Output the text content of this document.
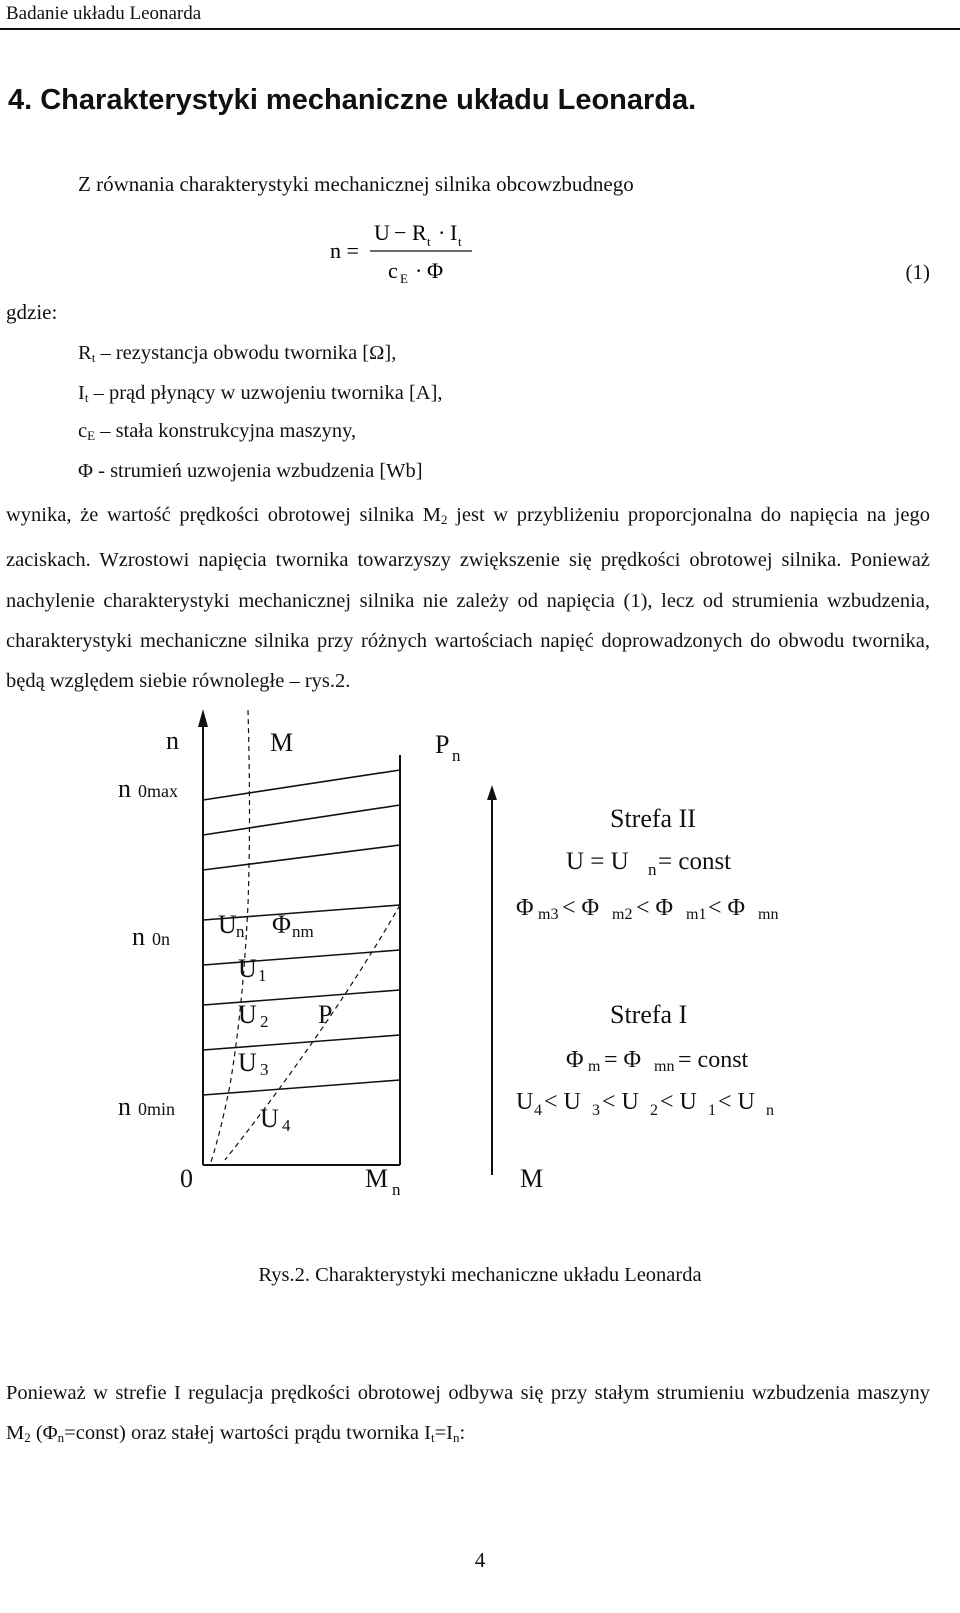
Badanie układu Leonarda
4. Charakterystyki mechaniczne układu Leonarda.
Z równania charakterystyki mechanicznej silnika obcowzbudnego
n =
U − R t · I t
c E · Φ	(1)
gdzie:
$R_t$ – rezystancja obwodu twornika [Ω],
$I_t$ – prąd płynący w uzwojeniu twornika [A],
$c_E$ – stała konstrukcyjna maszyny,
Φ - strumień uzwojenia wzbudzenia [Wb]
wynika, że wartość prędkości obrotowej silnika $M_2$ jest w przybliżeniu proporcjonalna do napięcia na jego zaciskach. Wzrostowi napięcia twornika towarzyszy zwiększenie się prędkości obrotowej silnika. Ponieważ nachylenie charakterystyki mechanicznej silnika nie zależy od napięcia (1), lecz od strumienia wzbudzenia, charakterystyki mechaniczne silnika przy różnych wartościach napięć doprowadzonych do obwodu twornika, będą względem siebie równoległe – rys.2.
n	M	P n
n 0max
n 0n
n 0min
0	M n	M
U n Φ nm
U 1
U 2
U 3
U 4
P
Strefa II
U = U n = const
Φ m3 < Φ m2 < Φ m1 < Φ mn
Strefa I
Φ m = Φ mn = const
U 4 < U 3 < U 2 < U 1 < U n
Rys.2. Charakterystyki mechaniczne układu Leonarda
Ponieważ w strefie I regulacja prędkości obrotowej odbywa się przy stałym strumieniu wzbudzenia maszyny $M_2$ $(\Phi_n=const)$ oraz stałej wartości prądu twornika $I_t=I_n$:
4
